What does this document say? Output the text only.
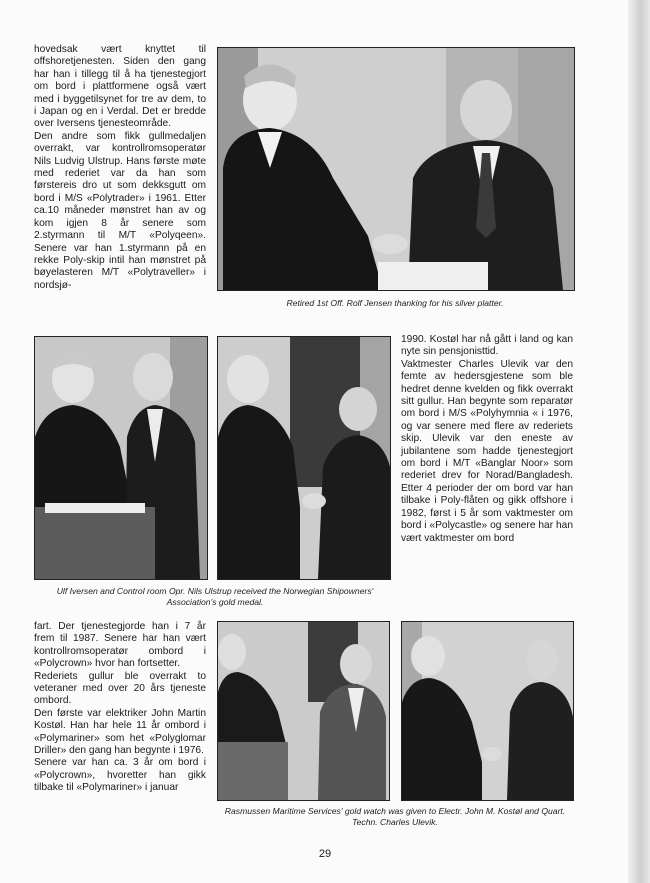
hovedsak vært knyttet til offshoretjenesten. Siden den gang har han i tillegg til å ha tjenestegjort om bord i plattformene også vært med i byggetilsynet for tre av dem, to i Japan og en i Verdal. Det er bredde over Iversens tjenesteområde.

Den andre som fikk gullmedaljen overrakt, var kontrollromsoperatør Nils Ludvig Ulstrup. Hans første møte med rederiet var da han som førstereis dro ut som dekksgutt om bord i M/S «Polytrader» i 1961. Etter ca.10 måneder mønstret han av og kom igjen 8 år senere som 2.styrmann til M/T «Polyqeen». Senere var han 1.styrmann på en rekke Poly-skip intil han mønstret på bøyelasteren M/T «Polytraveller» i nordsjø-

Retired 1st Off. Rolf Jensen thanking for his silver platter.

1990. Kostøl har nå gått i land og kan nyte sin pensjonisttid.

Vaktmester Charles Ulevik var den femte av hedersgjestene som ble hedret denne kvelden og fikk overrakt sitt gullur. Han begynte som reparatør om bord i M/S «Polyhymnia « i 1976, og var senere med flere av rederiets skip. Ulevik var den eneste av jubilantene som hadde tjenestegjort om bord i M/T «Banglar Noor» som rederiet drev for Norad/Bangladesh. Etter 4 perioder der om bord var han tilbake i Poly-flåten og gikk offshore i 1982, først i 5 år som vaktmester om bord i «Polycastle» og senere har han vært vaktmester om bord

Ulf Iversen and Control room Opr. Nils Ulstrup received the Norwegian Shipowners' Association's gold medal.

fart. Der tjenestegjorde han i 7 år frem til 1987. Senere har han vært kontrollromsoperatør ombord i «Polycrown» hvor han fortsetter.

Rederiets gullur ble overrakt to veteraner med over 20 års tjeneste ombord.

Den første var elektriker John Martin Kostøl. Han har hele 11 år ombord i «Polymariner» som het «Polyglomar Driller» den gang han begynte i 1976.

Senere var han ca. 3 år om bord i «Polycrown», hvoretter han gikk tilbake til «Polymariner» i januar

Rasmussen Maritime Services' gold watch was given to Electr. John M. Kostøl and Quart. Techn. Charles Ulevik.
29
